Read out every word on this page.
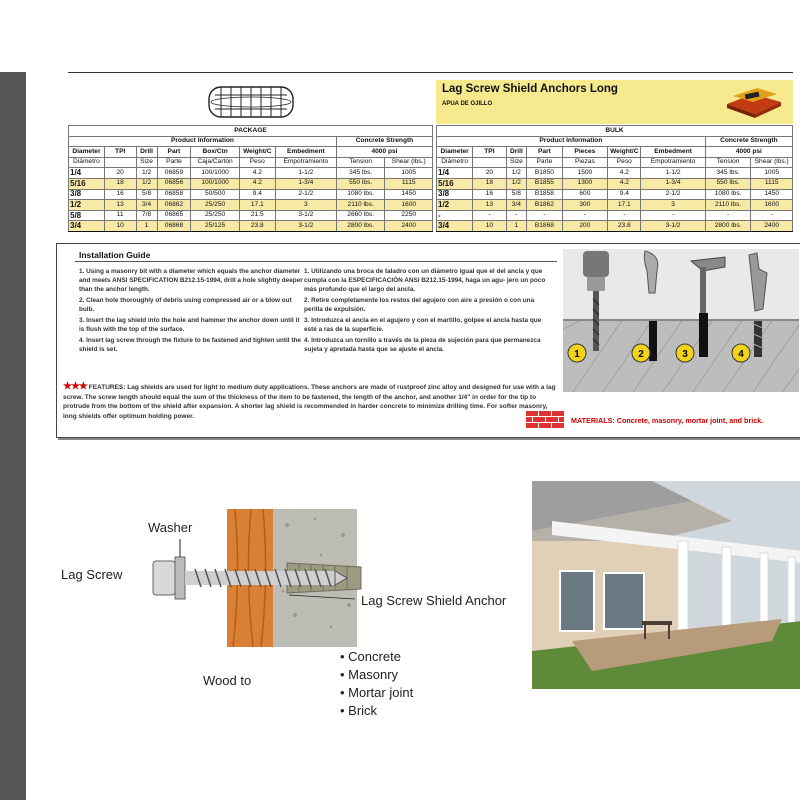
Lag Screw Shield Anchors Long
APUA DE OJILLO
PACKAGE								
Product Information							Concrete Strength	
Diameter	TPI	Drill	Part	Box/Ctn	Weight/C	Embedment	4000 psi	
Diámetro		Size	Parte	Caja/Cartón	Peso	Empotramiento	Tension	Shear (lbs.)
1/4	20	1/2	06859	100/1000	4.2	1-1/2	345 lbs.	1005
5/16	18	1/2	06856	100/1000	4.2	1-3/4	550 lbs.	1115
3/8	16	5/8	06858	50/500	9.4	2-1/2	1080 lbs.	1450
1/2	13	3/4	06862	25/250	17.1	3	2110 lbs.	1600
5/8	11	7/8	06865	25/250	21.5	3-1/2	2660 lbs.	2250
3/4	10	1	06868	25/125	23.8	3-1/2	2800 lbs.	2400
BULK								
Product Information							Concrete Strength	
Diameter	TPI	Drill	Part	Pieces	Weight/C	Embedment	4000 psi	
Diámetro		Size	Parte	Piezas	Peso	Empotramiento	Tension	Shear (lbs.)
1/4	20	1/2	B1850	1500	4.2	1-1/2	345 lbs.	1005
5/16	18	1/2	B1855	1300	4.2	1-3/4	550 lbs.	1115
3/8	16	5/8	B1858	600	9.4	2-1/2	1080 lbs.	1450
1/2	13	3/4	B1862	300	17.1	3	2110 lbs.	1600
-	-	-	-	-	-	-	-	-
3/4	10	1	B1868	200	23.8	3-1/2	2800 lbs.	2400
Installation Guide
1. Using a masonry bit with a diameter which equals the anchor diameter and meets ANSI SPECIFICATION B212.15-1994, drill a hole slightly deeper than the anchor length.
2. Clean hole thoroughly of debris using compressed air or a blow out bulb.
3. Insert the lag shield into the hole and hammer the anchor down until it is flush with the top of the surface.
4. Insert lag screw through the fixture to be fastened and tighten until the shield is set.
1. Utilizando una broca de taladro con un diámetro igual que el del ancla y que cumpla con la ESPECIFICACIÓN ANSI B212.15-1994, haga un agu- jero un poco más profundo que el largo del ancla.
2. Retire completamente los restos del agujero con aire a presión o con una perilla de expulsión.
3. Introduzca el ancla en el agujero y con el martillo, golpee el ancla hasta que esté a ras de la superficie.
4. Introduzca un tornillo a través de la pieza de sujeción para que permanezca sujeta y apretada hasta que se ajuste el ancla.	1	2	3	4
★★★ FEATURES: Lag shields are used for light to medium duty applications. These anchors are made of rustproof zinc alloy and designed for use with a lag screw. The screw length should equal the sum of the thickness of the item to be fastened, the length of the anchor, and another 1/4" in order for the tip to protrude from the bottom of the shield after expansion. A shorter lag shield is recommended in harder concrete to minimize drilling time. For softer masonry, long shields offer optimum holding power.	MATERIALS: Concrete, masonry, mortar joint, and brick.
Washer
Lag Screw
Lag Screw Shield Anchor
Wood to
• Concrete
• Masonry
• Mortar joint
• Brick
